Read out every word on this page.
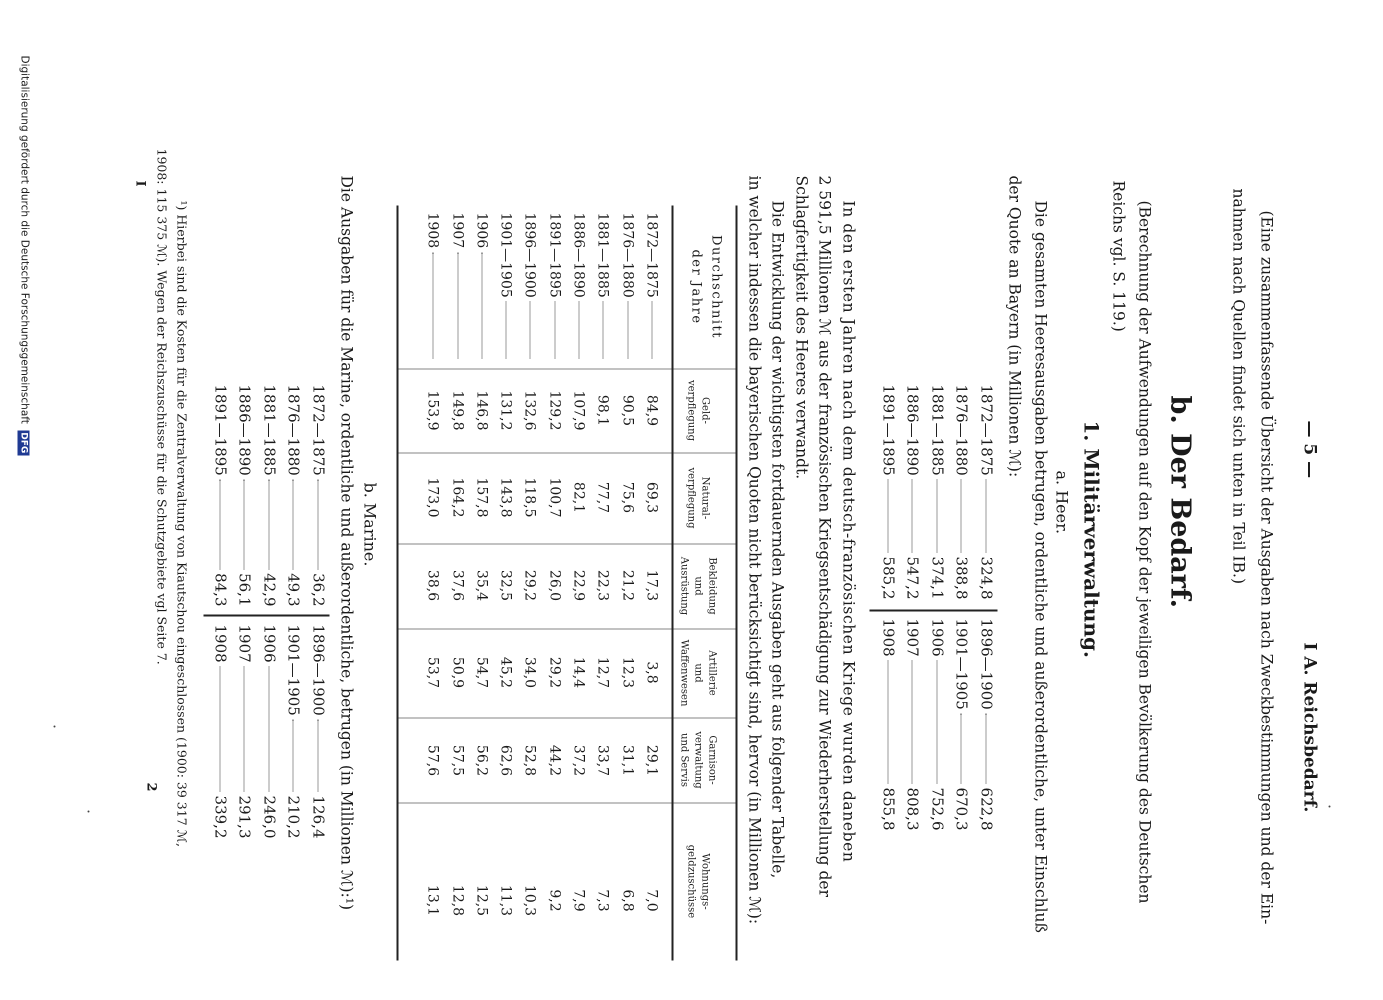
— 5 —
I A. Reichsbedarf.
(Eine zusammenfassende Übersicht der Ausgaben nach Zweckbestimmungen und der Ein-
nahmen nach Quellen findet sich unten in Teil IB.)
b. Der Bedarf.
(Berechnung der Aufwendungen auf den Kopf der jeweiligen Bevölkerung des Deutschen
Reichs vgl. S. 119.)
1. Militärverwaltung.
a. Heer.
Die gesamten Heeresausgaben betrugen, ordentliche und außerordentliche, unter Einschluß
der Quote an Bayern (in Millionen ℳ):
In den ersten Jahren nach dem deutsch-französischen Kriege wurden daneben
2 591,5 Millionen ℳ aus der französischen Kriegsentschädigung zur Wiederherstellung der
Schlagfertigkeit des Heeres verwandt.
Die Entwicklung der wichtigsten fortdauernden Ausgaben geht aus folgender Tabelle,
in welcher indessen die bayerischen Quoten nicht berücksichtigt sind, hervor (in Millionen ℳ):
Durchschnitt
der Jahre
Geld-
verpflegung
Natural-
verpflegung
Bekleidung
und
Ausrüstung
Artillerie
und
Waffenwesen
Garnison-
verwaltung
und Servis
Wohnungs-
geldzuschüsse
1872—1875
84,9
69,3
17,3
3,8
29,1
7,0
1876—1880
90,5
75,6
21,2
12,3
31,1
6,8
1881—1885
98,1
77,7
22,3
12,7
33,7
7,3
1886—1890
107,9
82,1
22,9
14,4
37,2
7,9
1891—1895
129,2
100,7
26,0
29,2
44,2
9,2
1896—1900
132,6
118,5
29,2
34,0
52,8
10,3
1901—1905
131,2
143,8
32,5
45,2
62,6
11,3
1906
146,8
157,8
35,4
54,7
56,2
12,5
1907
149,8
164,2
37,6
50,9
57,5
12,8
1908
153,9
173,0
38,6
53,7
57,6
13,1
b. Marine.
Die Ausgaben für die Marine, ordentliche und außerordentliche, betrugen (in Millionen ℳ):¹)
¹) Hierbei sind die Kosten für die Zentralverwaltung von Kiautschou eingeschlossen (1900: 39 317 ℳ,
1908: 115 375 ℳ). Wegen der Reichszuschüsse für die Schutzgebiete vgl Seite 7.
I
2
Digitalisierung gefördert durch die Deutsche Forschungsgemeinschaft DFG	1872—1875
324,8
1876—1880
388,8
1881—1885
374,1
1886—1890
547,2
1891—1895
585,2
1896—1900
622,8
1901—1905
670,3
1906
752,6
1907
808,3
1908
855,8
1872—1875
36,2
1876—1880
49,3
1881—1885
42,9
1886—1890
56,1
1891—1895
84,3
1896—1900
126,4
1901—1905
210,2
1906
246,0
1907
291,3
1908
339,2
